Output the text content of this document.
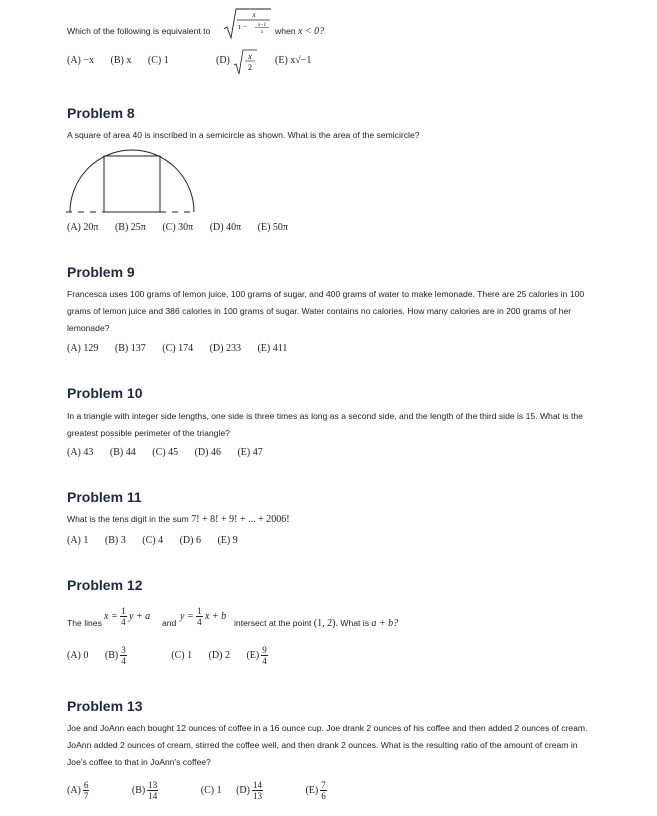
Which of the following is equivalent to
x
1 − x−1
x when x < 0?
(A) −x (B) x (C) 1	(D)	x
2
(E) x√−1
Problem 8
A square of area 40 is inscribed in a semicircle as shown. What is the area of the semicircle?
(A) 20π (B) 25π (C) 30π (D) 40π (E) 50π
Problem 9
Francesca uses 100 grams of lemon juice, 100 grams of sugar, and 400 grams of water to make lemonade. There are 25 calories in 100 grams of lemon juice and 386 calories in 100 grams of sugar. Water contains no calories. How many calories are in 200 grams of her lemonade?
(A) 129 (B) 137 (C) 174 (D) 233 (E) 411
Problem 10
In a triangle with integer side lengths, one side is three times as long as a second side, and the length of the third side is 15. What is the greatest possible perimeter of the triangle?
(A) 43 (B) 44 (C) 45 (D) 46 (E) 47
Problem 11
What is the tens digit in the sum 7! + 8! + 9! + ... + 2006!
(A) 1 (B) 3 (C) 4 (D) 6 (E) 9
Problem 12
The lines
$x = \frac{1}{4}$ y + a
and
$y = \frac{1}{4}$ x + b
intersect at the point (1, 2). What is a + b?
(A) 0 $(B) \frac{3}{4}$	(C) 1 (D) 2 $(E) \frac{9}{4}$
Problem 13
Joe and JoAnn each bought 12 ounces of coffee in a 16 ounce cup. Joe drank 2 ounces of his coffee and then added 2 ounces of cream. JoAnn added 2 ounces of cream, stirred the coffee well, and then drank 2 ounces. What is the resulting ratio of the amount of cream in Joe's coffee to that in JoAnn's coffee?
$(A) \frac{6}{7}$	$(B) \frac{13}{14}$	(C) 1 $(D) \frac{14}{13}$	$(E) \frac{7}{6}$
